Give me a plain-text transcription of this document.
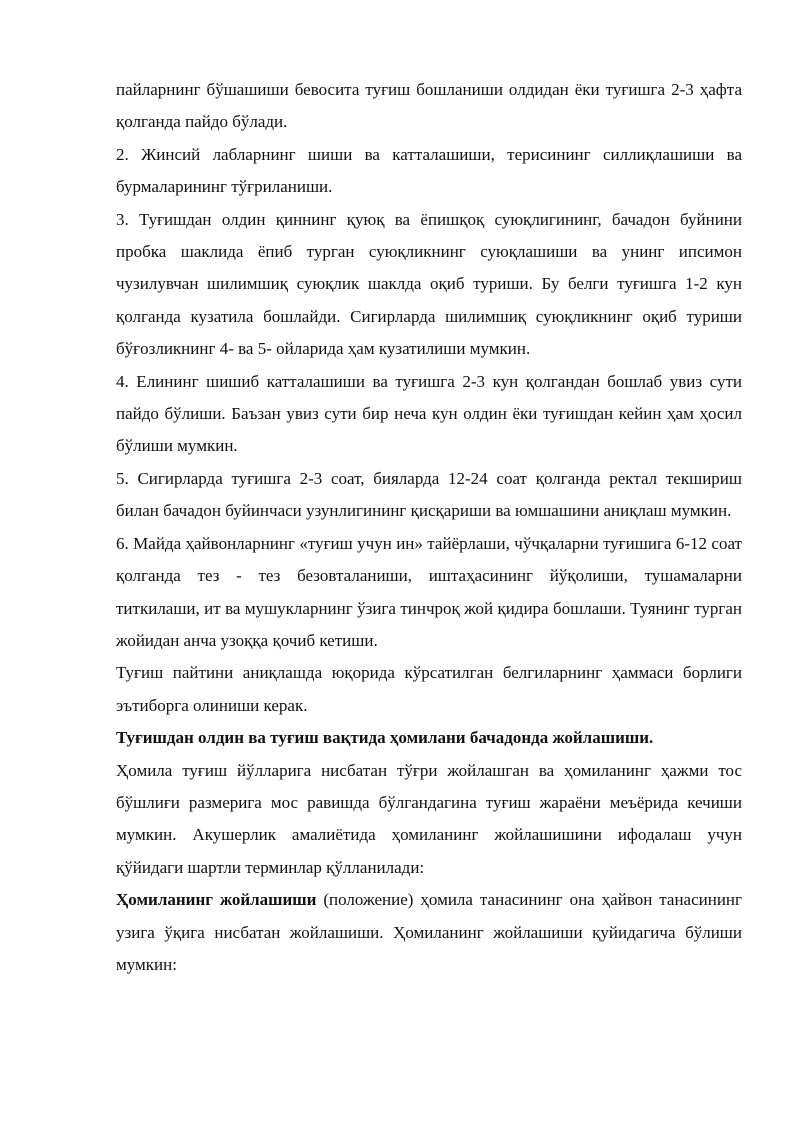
пайларнинг бўшашиши бевосита туғиш бошланиши олдидан ёки туғишга 2-3 ҳафта қолганда пайдо бўлади.

2. Жинсий лабларнинг шиши ва катталашиши, терисининг силлиқлашиши ва бурмаларининг тўғриланиши.

3. Туғишдан олдин қиннинг қуюқ ва ёпишқоқ суюқлигининг, бачадон буйнини пробка шаклида ёпиб турган суюқликнинг суюқлашиши ва унинг ипсимон чузилувчан шилимшиқ суюқлик шаклда оқиб туриши. Бу белги туғишга 1-2 кун қолганда кузатила бошлайди. Сигирларда шилимшиқ суюқликнинг оқиб туриши бўғозликнинг 4- ва 5- ойларида ҳам кузатилиши мумкин.

4. Елининг шишиб катталашиши ва туғишга 2-3 кун қолгандан бошлаб увиз сути пайдо бўлиши. Баъзан увиз сути бир неча кун олдин ёки туғишдан кейин ҳам ҳосил бўлиши мумкин.

5. Сигирларда туғишга 2-3 соат, бияларда 12-24 соат қолганда ректал текшириш билан бачадон буйинчаси узунлигининг қисқариши ва юмшашини аниқлаш мумкин.

6. Майда ҳайвонларнинг «туғиш учун ин» тайёрлаши, чўчқаларни туғишига 6-12 соат қолганда тез - тез безовталаниши, иштаҳасининг йўқолиши, тушамаларни титкилаши, ит ва мушукларнинг ўзига тинчроқ жой қидира бошлаши. Туянинг турган жойидан анча узоққа қочиб кетиши.

Туғиш пайтини аниқлашда юқорида кўрсатилган белгиларнинг ҳаммаси борлиги эътиборга олиниши керак.

Туғишдан олдин ва туғиш вақтида ҳомилани бачадонда жойлашиши.

Ҳомила туғиш йўлларига нисбатан тўғри жойлашган ва ҳомиланинг ҳажми тос бўшлиғи размерига мос равишда бўлгандагина туғиш жараёни меъёрида кечиши мумкин. Акушерлик амалиётида ҳомиланинг жойлашишини ифодалаш учун қўйидаги шартли терминлар қўлланилади:

Ҳомиланинг жойлашиши (положение) ҳомила танасининг она ҳайвон танасининг узига ўқига нисбатан жойлашиши. Ҳомиланинг жойлашиши қуйидагича бўлиши мумкин:
